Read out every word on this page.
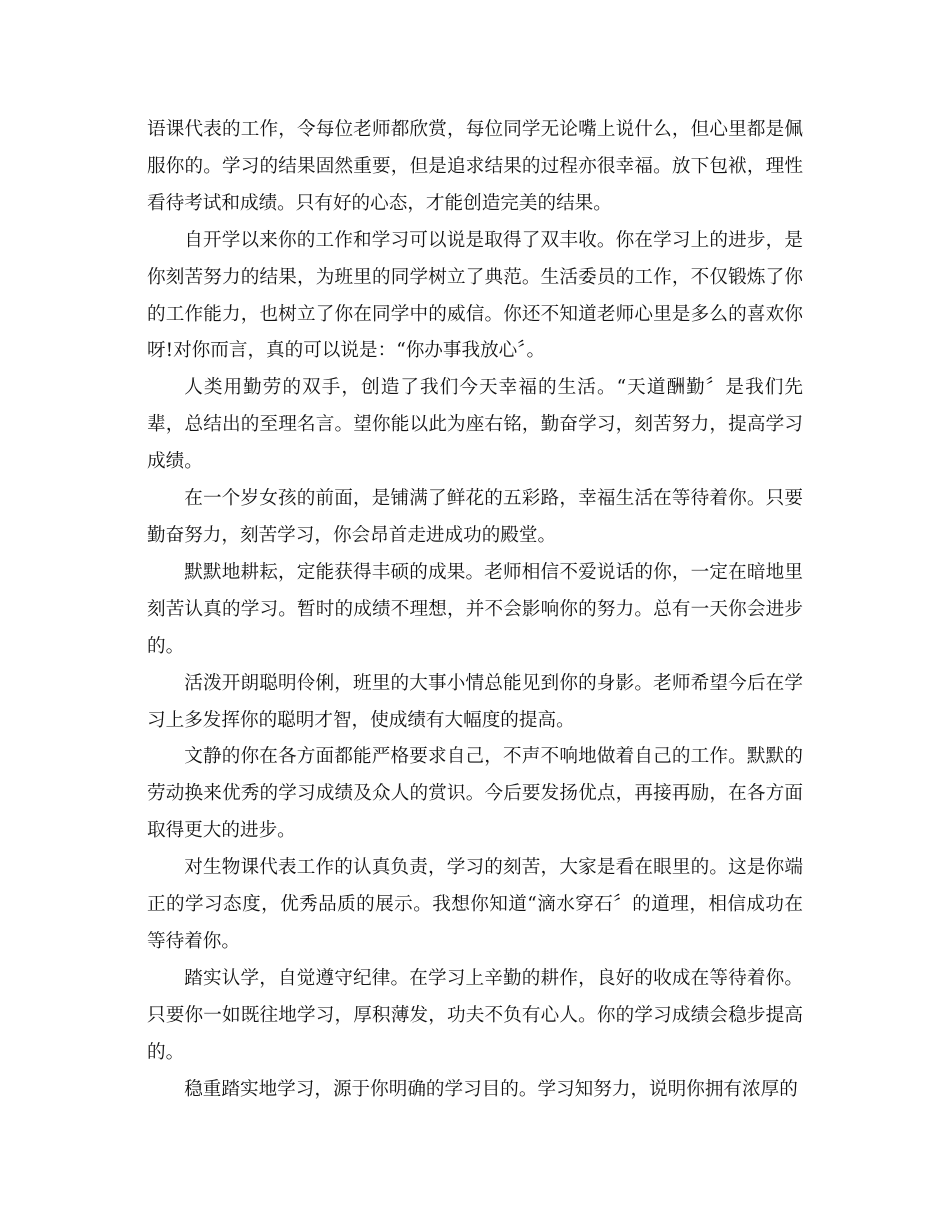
语课代表的工作，令每位老师都欣赏，每位同学无论嘴上说什么，但心里都是佩服你的。学习的结果固然重要，但是追求结果的过程亦很幸福。放下包袱，理性看待考试和成绩。只有好的心态，才能创造完美的结果。

自开学以来你的工作和学习可以说是取得了双丰收。你在学习上的进步，是你刻苦努力的结果，为班里的同学树立了典范。生活委员的工作，不仅锻炼了你的工作能力，也树立了你在同学中的威信。你还不知道老师心里是多么的喜欢你呀!对你而言，真的可以说是：“你办事我放心〞。

人类用勤劳的双手，创造了我们今天幸福的生活。“天道酬勤〞是我们先辈，总结出的至理名言。望你能以此为座右铭，勤奋学习，刻苦努力，提高学习成绩。

在一个岁女孩的前面，是铺满了鲜花的五彩路，幸福生活在等待着你。只要勤奋努力，刻苦学习，你会昂首走进成功的殿堂。

默默地耕耘，定能获得丰硕的成果。老师相信不爱说话的你，一定在暗地里刻苦认真的学习。暂时的成绩不理想，并不会影响你的努力。总有一天你会进步的。

活泼开朗聪明伶俐，班里的大事小情总能见到你的身影。老师希望今后在学习上多发挥你的聪明才智，使成绩有大幅度的提高。

文静的你在各方面都能严格要求自己，不声不响地做着自己的工作。默默的劳动换来优秀的学习成绩及众人的赏识。今后要发扬优点，再接再励，在各方面取得更大的进步。

对生物课代表工作的认真负责，学习的刻苦，大家是看在眼里的。这是你端正的学习态度，优秀品质的展示。我想你知道“滴水穿石〞的道理，相信成功在等待着你。

踏实认学，自觉遵守纪律。在学习上辛勤的耕作，良好的收成在等待着你。只要你一如既往地学习，厚积薄发，功夫不负有心人。你的学习成绩会稳步提高的。

稳重踏实地学习，源于你明确的学习目的。学习知努力，说明你拥有浓厚的
